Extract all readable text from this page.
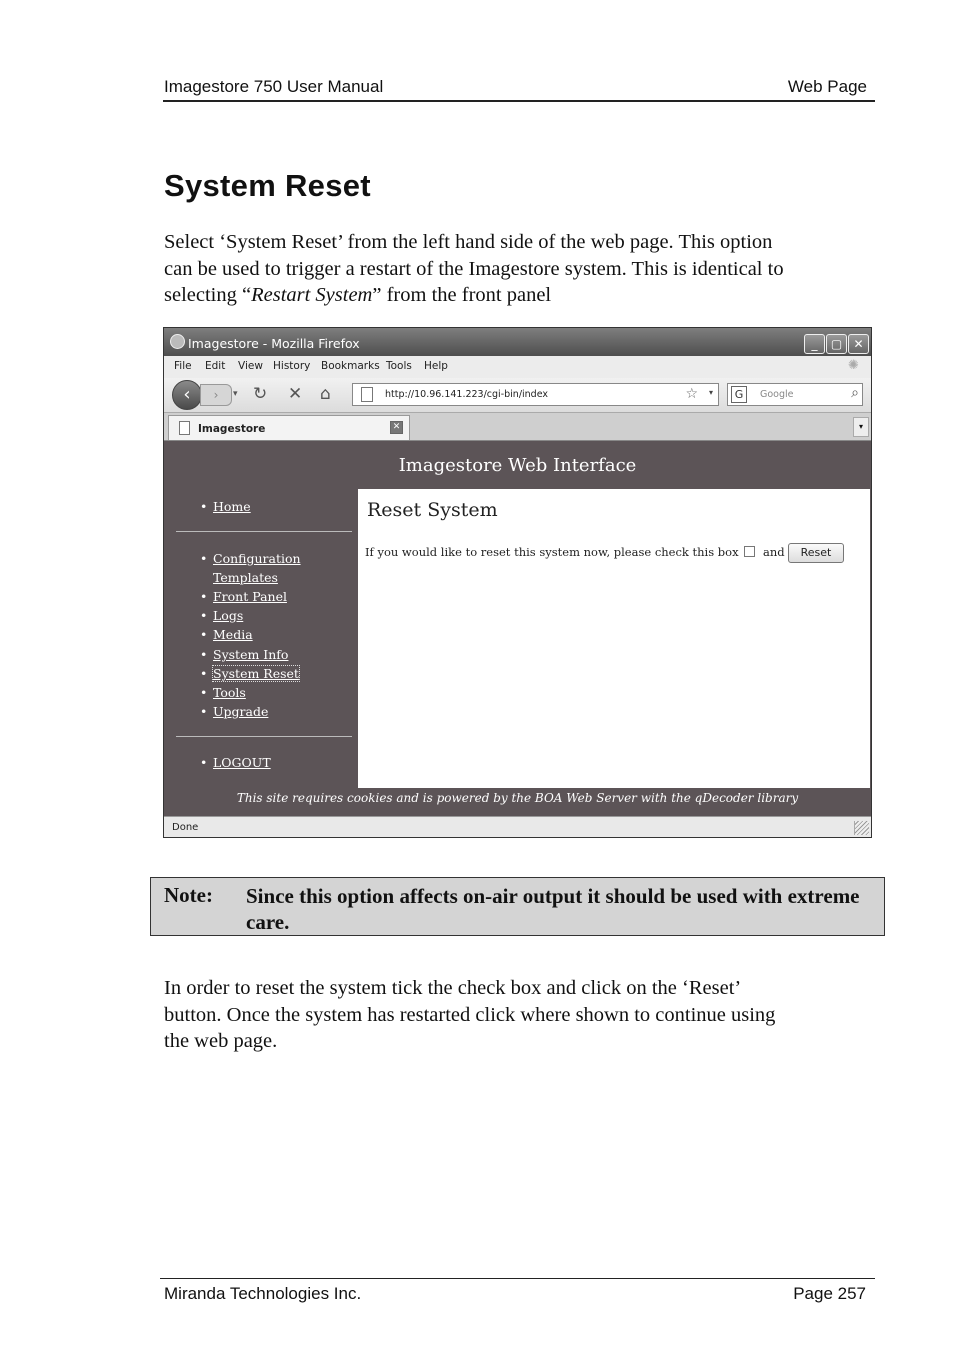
Imagestore 750 User Manual	Web Page
System Reset

Select ‘System Reset’ from the left hand side of the web page. This option
can be used to trigger a restart of the Imagestore system. This is identical to
selecting “Restart System” from the front panel

Imagestore - Mozilla Firefox	_	▢ ✕
File Edit View History Bookmarks Tools Help	✺
‹	›	▾ ↻ ✕ ⌂	http://10.96.141.223/cgi-bin/index	☆ ▾	G	Google	⌕
Imagestore	✕	▾
Imagestore Web Interface
• Home
• Configuration
Templates
• Front Panel
• Logs
• Media
• System Info
• System Reset
• Tools
• Upgrade
• LOGOUT
Reset System
If you would like to reset this system now, please check this box and	Reset
This site requires cookies and is powered by the BOA Web Server with the qDecoder library
Done
Note: Since this option affects on-air output it should be used with extreme care.

In order to reset the system tick the check box and click on the ‘Reset’
button. Once the system has restarted click where shown to continue using
the web page.

Miranda Technologies Inc.	Page 257
